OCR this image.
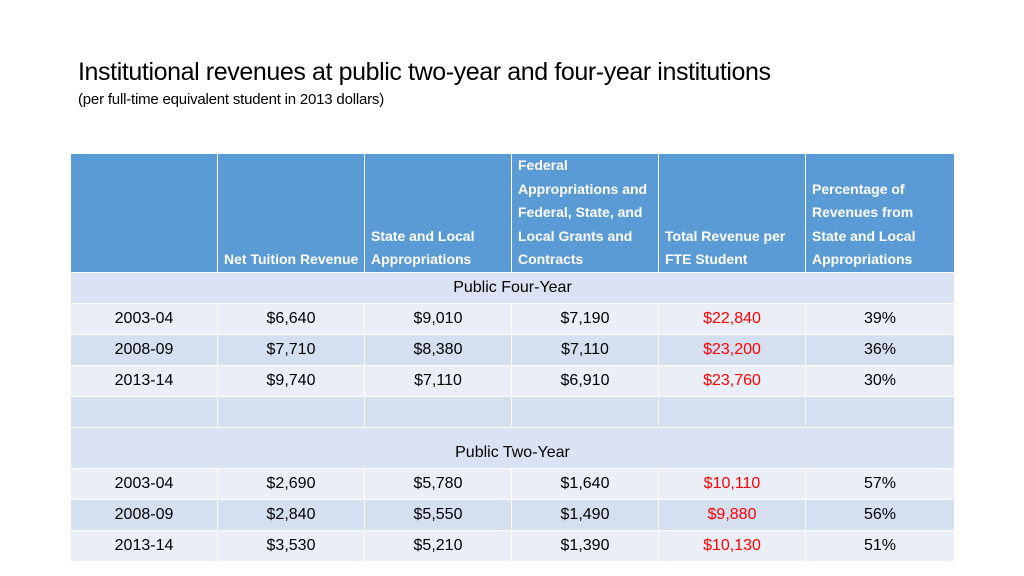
Institutional revenues at public two-year and four-year institutions
(per full-time equivalent student in 2013 dollars)
	Net Tuition Revenue	State and Local Appropriations	Federal Appropriations and Federal, State, and Local Grants and Contracts	Total Revenue per FTE Student	Percentage of Revenues from State and Local Appropriations
Public Four-Year					
2003-04	$6,640	$9,010	$7,190	$22,840	39%
2008-09	$7,710	$8,380	$7,110	$23,200	36%
2013-14	$9,740	$7,110	$6,910	$23,760	30%

Public Two-Year					
2003-04	$2,690	$5,780	$1,640	$10,110	57%
2008-09	$2,840	$5,550	$1,490	$9,880	56%
2013-14	$3,530	$5,210	$1,390	$10,130	51%
